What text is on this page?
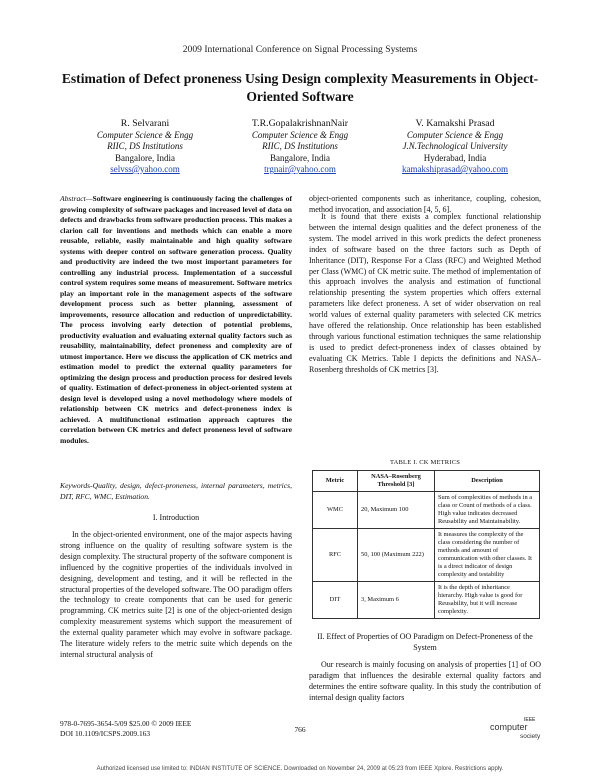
2009 International Conference on Signal Processing Systems
Estimation of Defect proneness Using Design complexity Measurements in Object-Oriented Software
R. Selvarani
Computer Science & Engg
RIIC, DS Institutions
Bangalore, India
selvss@yahoo.com
T.R.GopalakrishnanNair
Computer Science & Engg
RIIC, DS Institutions
Bangalore, India
trgnair@yahoo.com
V. Kamakshi Prasad
Computer Science & Engg
J.N.Technological University
Hyderabad, India
kamakshiprasad@yahoo.com
Abstract—Software engineering is continuously facing the challenges of growing complexity of software packages and increased level of data on defects and drawbacks from software production process. This makes a clarion call for inventions and methods which can enable a more reusable, reliable, easily maintainable and high quality software systems with deeper control on software generation process. Quality and productivity are indeed the two most important parameters for controlling any industrial process. Implementation of a successful control system requires some means of measurement. Software metrics play an important role in the management aspects of the software development process such as better planning, assessment of improvements, resource allocation and reduction of unpredictability. The process involving early detection of potential problems, productivity evaluation and evaluating external quality factors such as reusability, maintainability, defect proneness and complexity are of utmost importance. Here we discuss the application of CK metrics and estimation model to predict the external quality parameters for optimizing the design process and production process for desired levels of quality. Estimation of defect-proneness in object-oriented system at design level is developed using a novel methodology where models of relationship between CK metrics and defect-proneness index is achieved. A multifunctional estimation approach captures the correlation between CK metrics and defect proneness level of software modules.
Keywords-Quality, design, defect-proneness, internal parameters, metrics, DIT, RFC, WMC, Estimation.
I. Introduction
In the object-oriented environment, one of the major aspects having strong influence on the quality of resulting software system is the design complexity. The structural property of the software component is influenced by the cognitive properties of the individuals involved in designing, development and testing, and it will be reflected in the structural properties of the developed software. The OO paradigm offers the technology to create components that can be used for generic programming. CK metrics suite [2] is one of the object-oriented design complexity measurement systems which support the measurement of the external quality parameter which may evolve in software package. The literature widely refers to the metric suite which depends on the internal structural analysis of
object-oriented components such as inheritance, coupling, cohesion, method invocation, and association [4, 5, 6].
It is found that there exists a complex functional relationship between the internal design qualities and the defect proneness of the system. The model arrived in this work predicts the defect proneness index of software based on the three factors such as Depth of Inheritance (DIT), Response For a Class (RFC) and Weighted Method per Class (WMC) of CK metric suite. The method of implementation of this approach involves the analysis and estimation of functional relationship presenting the system properties which offers external parameters like defect proneness. A set of wider observation on real world values of external quality parameters with selected CK metrics have offered the relationship. Once relationship has been established through various functional estimation techniques the same relationship is used to predict defect-proneness index of classes obtained by evaluating CK Metrics. Table I depicts the definitions and NASA–Rosenberg thresholds of CK metrics [3].
TABLE I. CK METRICS
Metric	NASA–Rosenberg Threshold [3]	Description
WMC	20, Maximum 100	Sum of complexities of methods in a class or Count of methods of a class. High value indicates decreased Reusability and Maintainability.
RFC	50, 100 (Maximum 222)	It measures the complexity of the class considering the number of methods and amount of communication with other classes. It is a direct indicator of design complexity and testability
DIT	3, Maximum 6	It is the depth of inheritance hierarchy. High value is good for Reusability, but it will increase complexity.
II. Effect of Properties of OO Paradigm on Defect-Proneness of the System
Our research is mainly focusing on analysis of properties [1] of OO paradigm that influences the desirable external quality factors and determines the entire software quality. In this study the contribution of internal design quality factors
978-0-7695-3654-5/09 $25.00 © 2009 IEEE
DOI 10.1109/ICSPS.2009.163	766
IEEE
computer
society
Authorized licensed use limited to: INDIAN INSTITUTE OF SCIENCE. Downloaded on November 24, 2009 at 05:23 from IEEE Xplore. Restrictions apply.
